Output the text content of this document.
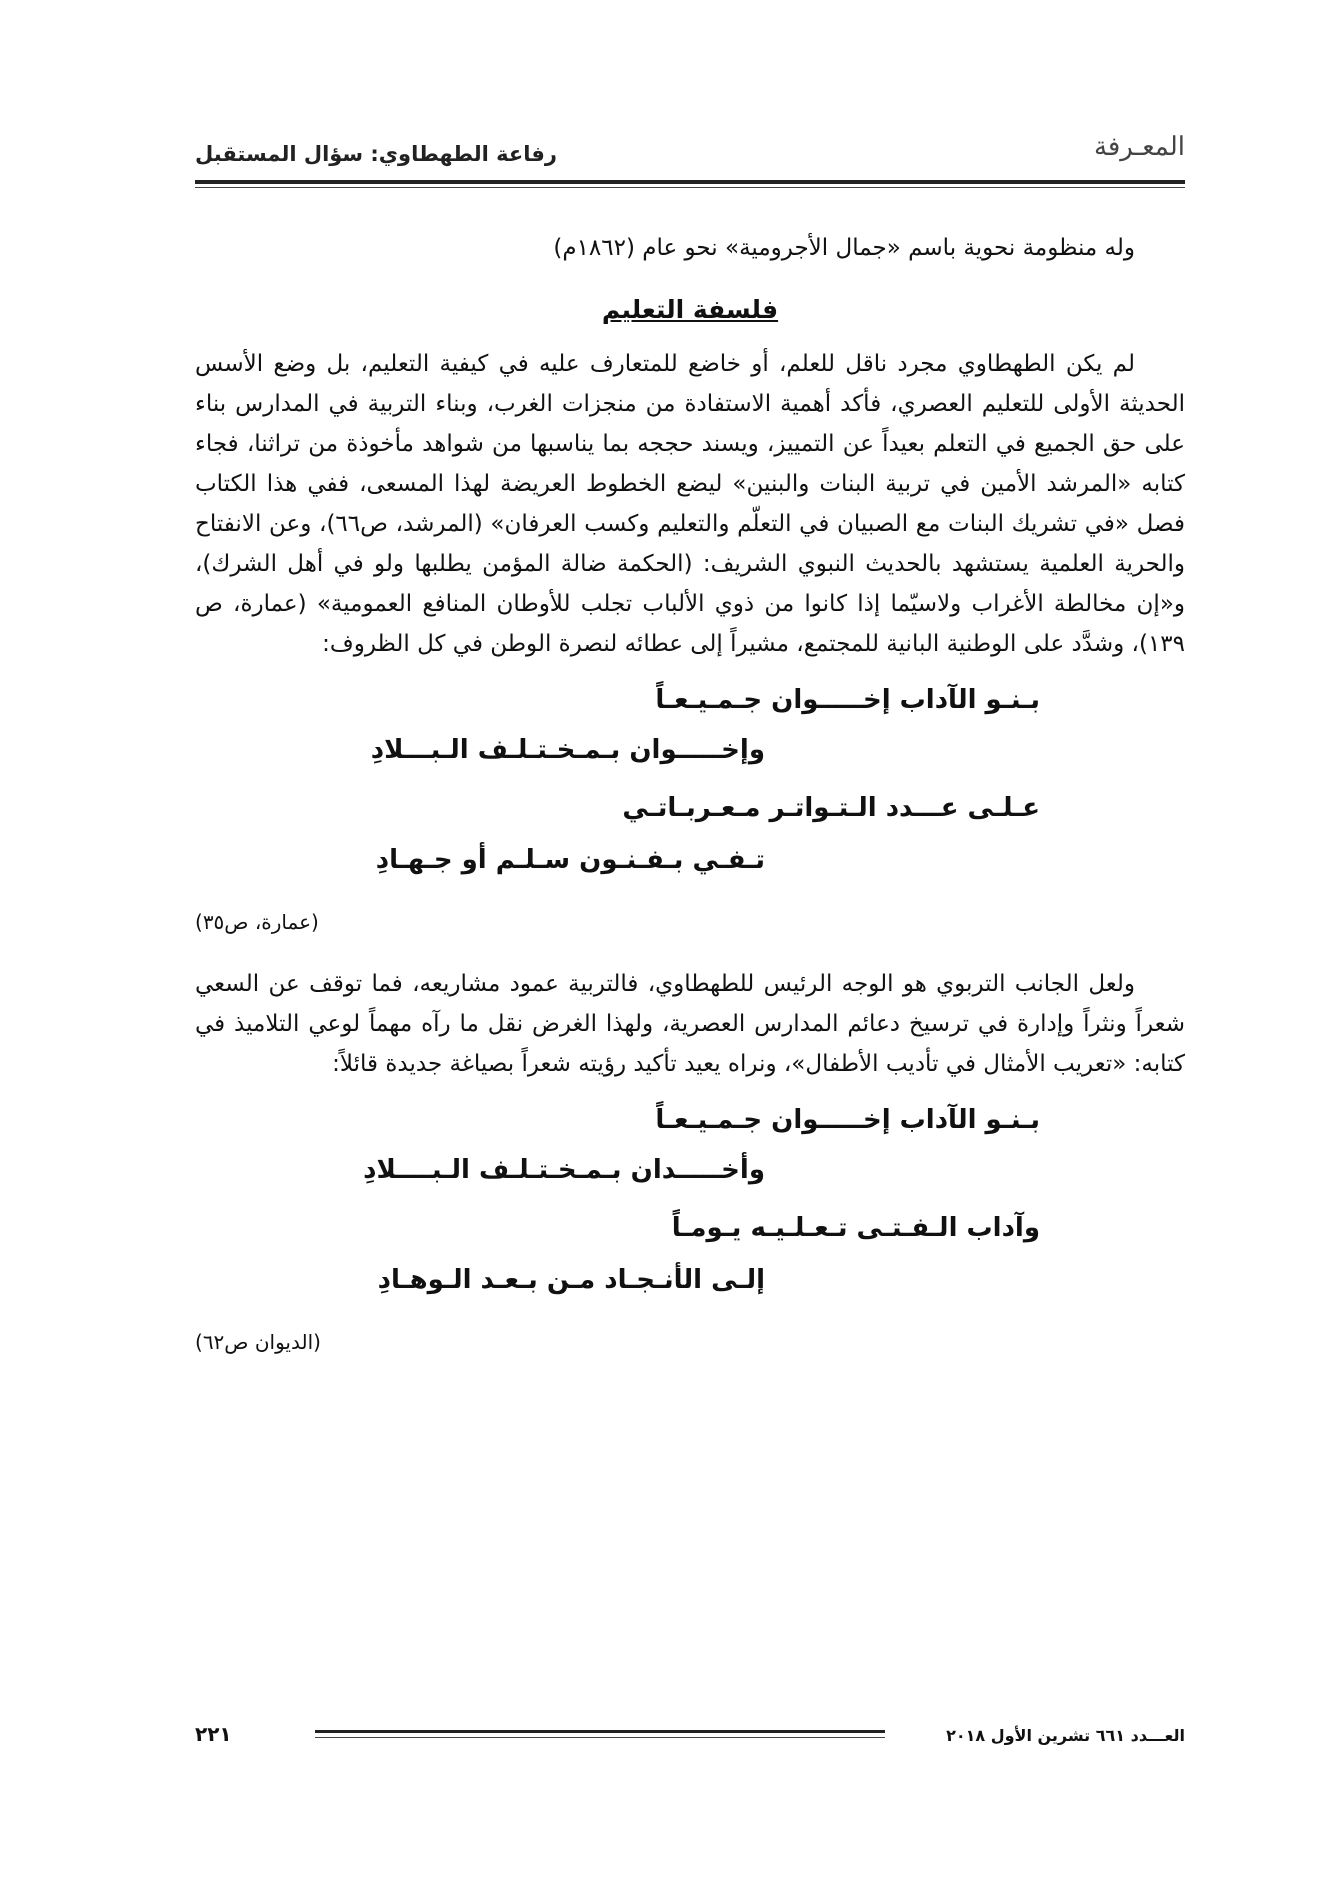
المعـرفة
رفاعة الطهطاوي: سؤال المستقبل

وله منظومة نحوية باسم «جمال الأجرومية» نحو عام (١٨٦٢م)

فلسفة التعليم

لم يكن الطهطاوي مجرد ناقل للعلم، أو خاضع للمتعارف عليه في كيفية التعليم، بل وضع الأسس الحديثة الأولى للتعليم العصري، فأكد أهمية الاستفادة من منجزات الغرب، وبناء التربية في المدارس بناء على حق الجميع في التعلم بعيداً عن التمييز، ويسند حججه بما يناسبها من شواهد مأخوذة من تراثنا، فجاء كتابه «المرشد الأمين في تربية البنات والبنين» ليضع الخطوط العريضة لهذا المسعى، ففي هذا الكتاب فصل «في تشريك البنات مع الصبيان في التعلّم والتعليم وكسب العرفان» (المرشد، ص٦٦)، وعن الانفتاح والحرية العلمية يستشهد بالحديث النبوي الشريف: (الحكمة ضالة المؤمن يطلبها ولو في أهل الشرك)، و«إن مخالطة الأغراب ولاسيّما إذا كانوا من ذوي الألباب تجلب للأوطان المنافع العمومية» (عمارة، ص ١٣٩)، وشدَّد على الوطنية البانية للمجتمع، مشيراً إلى عطائه لنصرة الوطن في كل الظروف:

بـنـو الآداب إخـــــوان جـمـيـعـاً
وإخـــــوان بـمـخـتـلـف الـبـــلادِ
عـلـى عـــدد الـتـواتـر مـعـربـاتـي
تـفـي بـفـنـون سـلـم أو جـهـادِ
(عمارة، ص٣٥)

ولعل الجانب التربوي هو الوجه الرئيس للطهطاوي، فالتربية عمود مشاريعه، فما توقف عن السعي شعراً ونثراً وإدارة في ترسيخ دعائم المدارس العصرية، ولهذا الغرض نقل ما رآه مهماً لوعي التلاميذ في كتابه: «تعريب الأمثال في تأديب الأطفال»، ونراه يعيد تأكيد رؤيته شعراً بصياغة جديدة قائلاً:

بـنـو الآداب إخـــــوان جـمـيـعـاً
وأخـــــدان بـمـخـتـلـف الـبــــلادِ
وآداب الـفـتـى تـعـلـيـه يـومـاً
إلـى الأنـجـاد مـن بـعـد الـوهـادِ
(الديوان ص٦٢)
العـــدد ٦٦١ تشرين الأول ٢٠١٨
٢٢١
